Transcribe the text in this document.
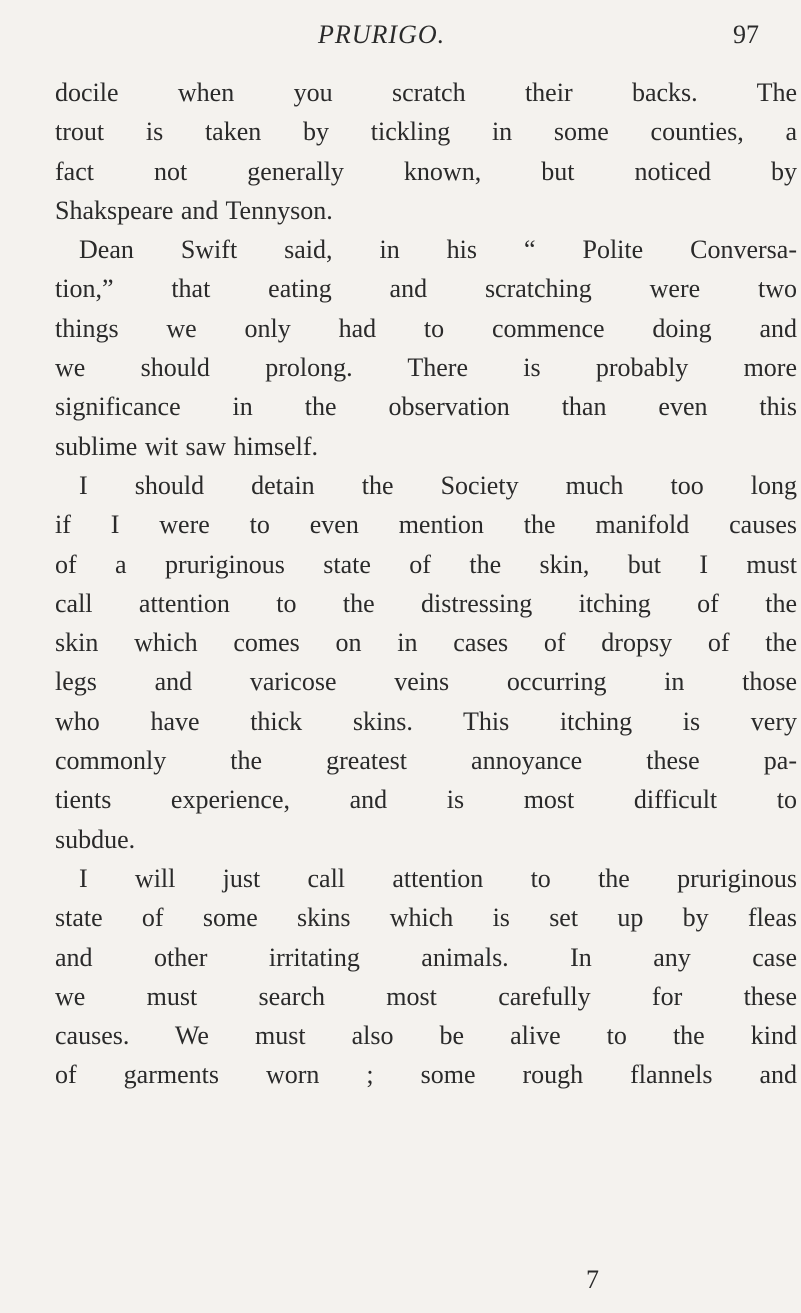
PRURIGO.	97
docile when you scratch their backs. The
trout is taken by tickling in some counties, a
fact not generally known, but noticed by
Shakspeare and Tennyson.
Dean Swift said, in his “ Polite Conversa-
tion,” that eating and scratching were two
things we only had to commence doing and
we should prolong. There is probably more
significance in the observation than even this
sublime wit saw himself.
I should detain the Society much too long
if I were to even mention the manifold causes
of a pruriginous state of the skin, but I must
call attention to the distressing itching of the
skin which comes on in cases of dropsy of the
legs and varicose veins occurring in those
who have thick skins. This itching is very
commonly the greatest annoyance these pa-
tients experience, and is most difficult to
subdue.
I will just call attention to the pruriginous
state of some skins which is set up by fleas
and other irritating animals. In any case
we must search most carefully for these
causes. We must also be alive to the kind
of garments worn ; some rough flannels and
7
